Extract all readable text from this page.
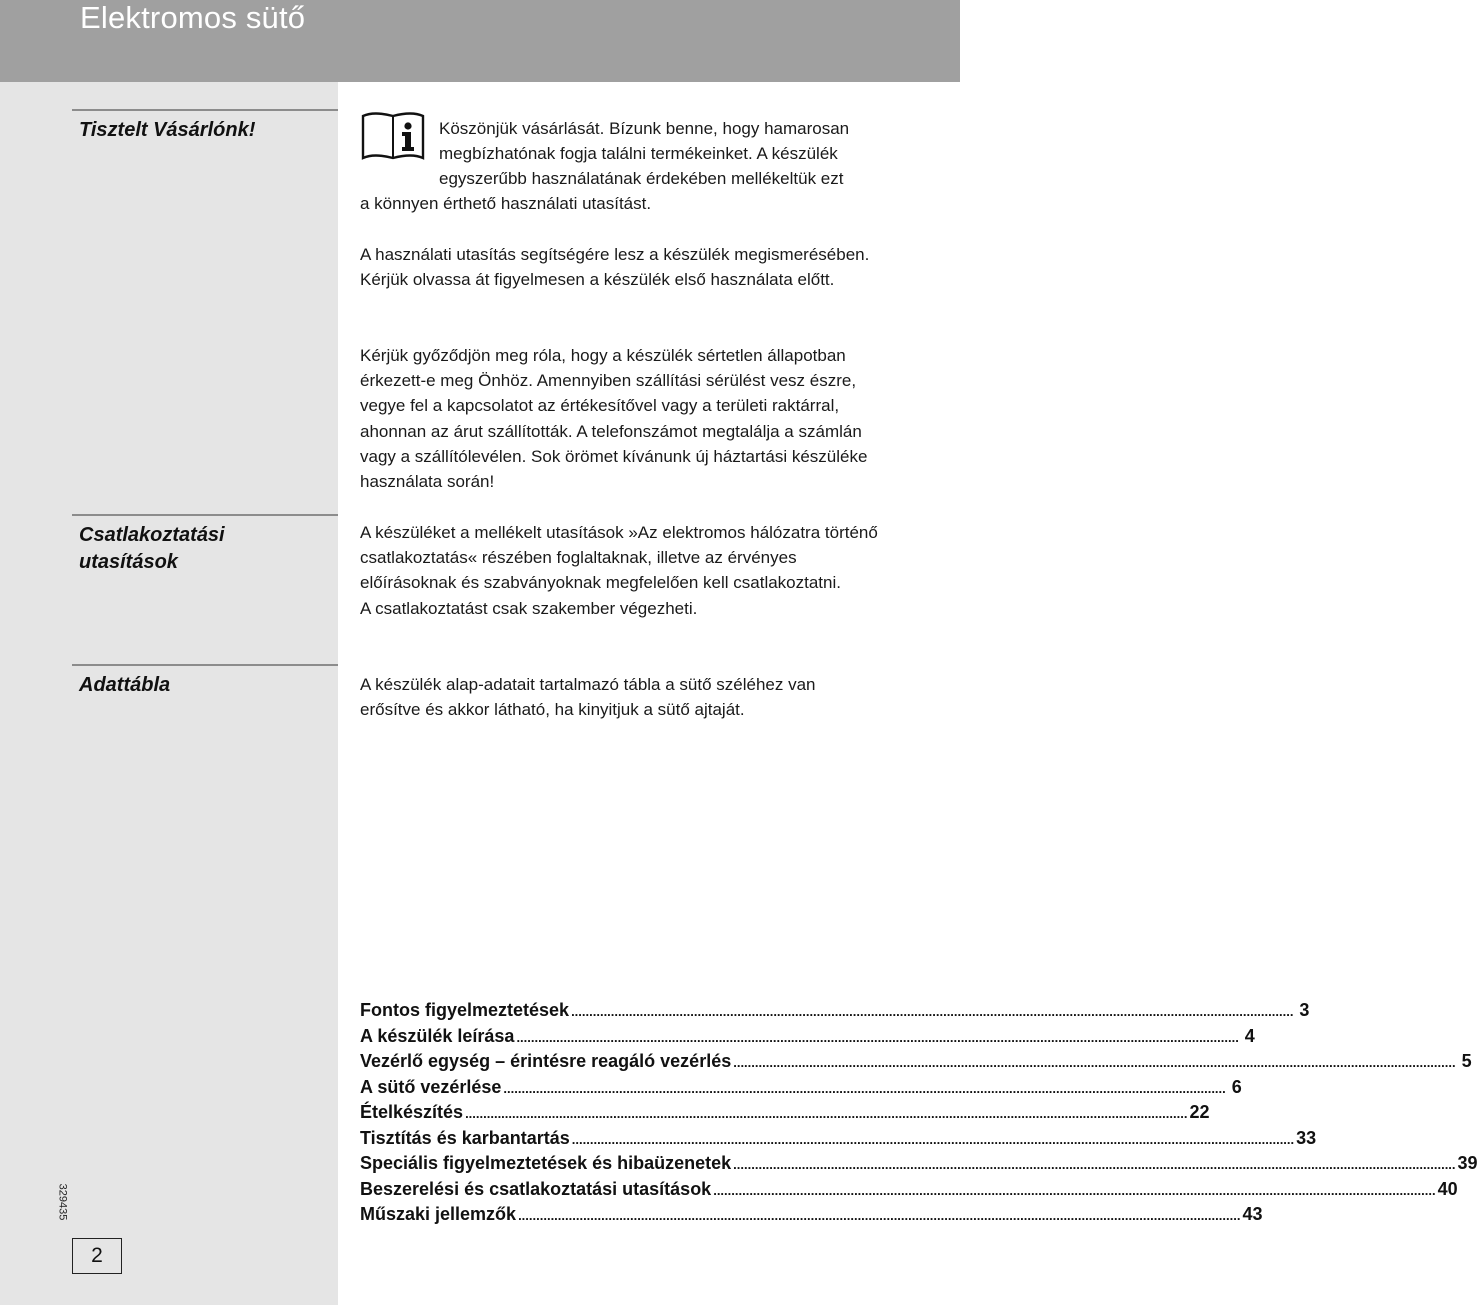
Elektromos sütő
Tisztelt Vásárlónk!
Csatlakoztatási
utasítások
Adattábla
329435
2
Köszönjük vásárlását. Bízunk benne, hogy hamarosan
megbízhatónak fogja találni termékeinket. A készülék
egyszerűbb használatának érdekében mellékeltük ezt

a könnyen érthető használati utasítást.

A használati utasítás segítségére lesz a készülék megismerésében. Kérjük olvassa át figyelmesen a készülék első használata előtt.

Kérjük győződjön meg róla, hogy a készülék sértetlen állapotban érkezett-e meg Önhöz. Amennyiben szállítási sérülést vesz észre, vegye fel a kapcsolatot az értékesítővel vagy a területi raktárral, ahonnan az árut szállították. A telefonszámot megtalálja a számlán vagy a szállítólevélen. Sok örömet kívánunk új háztartási készüléke használata során!

A készüléket a mellékelt utasítások »Az elektromos hálózatra történő csatlakoztatás« részében foglaltaknak, illetve az érvényes előírásoknak és szabványoknak megfelelően kell csatlakoztatni.

A csatlakoztatást csak szakember végezheti.

A készülék alap-adatait tartalmazó tábla a sütő széléhez van erősítve és akkor látható, ha kinyitjuk a sütő ajtaját.

Fontos figyelmeztetések ........................................................................................................................................................................................................ 3
A készülék leírása ........................................................................................................................................................................................................ 4
Vezérlő egység – érintésre reagáló vezérlés ........................................................................................................................................................................................................ 5
A sütő vezérlése ........................................................................................................................................................................................................ 6
Ételkészítés ........................................................................................................................................................................................................ 22
Tisztítás és karbantartás ........................................................................................................................................................................................................ 33
Speciális figyelmeztetések és hibaüzenetek ........................................................................................................................................................................................................ 39
Beszerelési és csatlakoztatási utasítások ........................................................................................................................................................................................................ 40
Műszaki jellemzők ........................................................................................................................................................................................................ 43
